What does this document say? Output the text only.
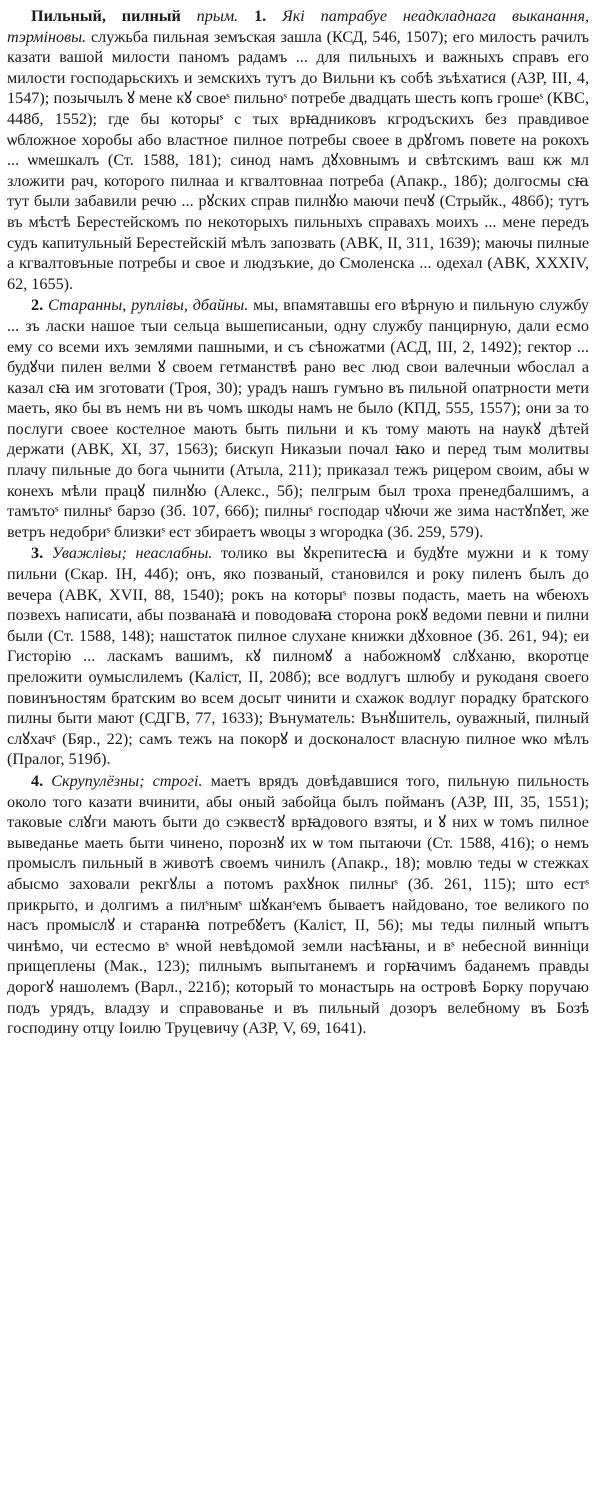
Пильный, пилный прым. 1. Які патрабуе неадкладнага выканання, тэрміновы. служьба пильная земъская зашла (КСД, 546, 1507); его милость рачилъ казати вашой милости паномъ радамъ ... для пильныхъ и важныхъ справъ его милости господарьскихъ и земскихъ тутъ до Вильни къ собѣ зъѣхатися (АЗР, III, 4, 1547); позычылъ ꙋ мене кꙋ своеˢ пильноˢ потребе двадцать шесть копъ грошеˢ (КВС, 448б, 1552); где бы которыˢ с тых врꙗдниковъ кгродъскихъ без правдивое ѡбложное хоробы або властное пилное потребы своее в дрꙋгомъ повете на рокохъ ... ѡмешкалъ (Ст. 1588, 181); синод намъ дꙋховнымъ и свѣтскимъ ваш кж мл зложити рач, которого пилнаа и кгвалтовнаа потреба (Апакр., 18б); долгосмы сꙗ тут были забавили речю ... рꙋских справ пилнꙋю маючи печꙋ (Стрыйк., 486б); тутъ въ мѣстѣ Берестейскомъ по некоторыхъ пильныхъ справахъ моихъ ... мене передъ судъ капитульный Берестейскiй мѣлъ запозвать (АВК, II, 311, 1639); маючы пилные а кгвалтовъные потребы и свое и людзъкие, до Смоленска ... одехал (АВК, XXXIV, 62, 1655).

2. Старанны, руплівы, дбайны. мы, впамятавшы его вѣрную и пильную службу ... зъ ласки нашое тыи сельца вышеписаныи, одну службу панцирную, дали есмо ему со всеми ихъ землями пашными, и съ сѣножатми (АСД, III, 2, 1492); гектор ... будꙋчи пилен велми ꙋ своем гетманствѣ рано вес люд свои валечныи ѡбослал а казал сꙗ им зготовати (Троя, 30); урадъ нашъ гумъно въ пильной опатрности мети маеть, яко бы въ немъ ни въ чомъ шкоды намъ не было (КПД, 555, 1557); они за то послуги своее костелное мають быть пильни и къ тому мають на наукꙋ дѣтей держати (АВК, XI, 37, 1563); бискуп Никазыи почал ꙗко и перед тым молитвы плачу пильные до бога чынити (Атыла, 211); приказал тежъ рицером своим, абы ѡ конехъ мѣли працꙋ пилнꙋю (Алекс., 5б); пелгрым был троха пренедбалшимъ, а тамътоˢ пилныˢ барзо (Зб. 107, 66б); пилныˢ господар чꙋючи же зима настꙋпꙋет, же ветръ недобриˢ близкиˢ ест збираетъ ѡвоцы з ѡгородка (Зб. 259, 579).

3. Уважлівы; неаслабны. толико вы ꙋкрепитесꙗ и будꙋте мужни и к тому пильни (Скар. IH, 44б); онъ, яко позваный, становился и року пиленъ былъ до вечера (АВК, XVII, 88, 1540); рокъ на которыˢ позвы подасть, маеть на ѡбеюхъ позвехъ написати, абы позванаꙗ и поводоваꙗ сторона рокꙋ ведоми певни и пилни были (Ст. 1588, 148); нашстаток пилное слухане книжки дꙋховное (Зб. 261, 94); еи Гисторію ... ласкамъ вашимъ, кꙋ пилномꙋ а набожномꙋ слꙋханю, вкоротце преложити оумыслилемъ (Каліст, II, 208б); все водлугъ шлюбу и рукоданя своего повинъностям братским во всем досыт чинити и схажок водлуг порадку братского пилны быти мают (СДГВ, 77, 1633); Вънуматель: Вънꙋшитель, оуважный, пилный слꙋхачˢ (Бяр., 22); самъ тежъ на покорꙋ и досконалост власную пилное ѡко мѣлъ (Пралог, 519б).

4. Скрупулёзны; строгі. маетъ врядъ довѣдавшися того, пильную пильность около того казати вчинити, абы оный забойца былъ пойманъ (АЗР, III, 35, 1551); таковые слꙋги мають быти до сэквестꙋ врꙗдового взяты, и ꙋ них ѡ томъ пилное выведанье маеть быти чинено, порознꙋ их ѡ том пытаючи (Ст. 1588, 416); о немъ промыслъ пильный в животѣ своемъ чинилъ (Апакр., 18); мовлю теды ѡ стежках абысмо заховали рекгꙋлы а потомъ рахꙋнок пилныˢ (Зб. 261, 115); што естˢ прикрыто, и долгимъ а пилˢнымˢ шꙋканˢемъ бываетъ найдовано, тое великого по насъ промыслꙋ и старанꙗ потребꙋетъ (Каліст, II, 56); мы теды пилный ѡпытъ чинѣмо, чи естесмо вˢ ѡной невѣдомой земли насѣꙗны, и вˢ небесной виннiци прищеплены (Мак., 123); пилнымъ выпытанемъ и горꙗчимъ баданемъ правды дорогꙋ нашолемъ (Варл., 221б); который то монастырь на островѣ Борку поручаю подъ урядъ, владзу и справованье и въ пильный дозоръ велебному въ Бозѣ господину отцу Іоилю Труцевичу (АЗР, V, 69, 1641).
